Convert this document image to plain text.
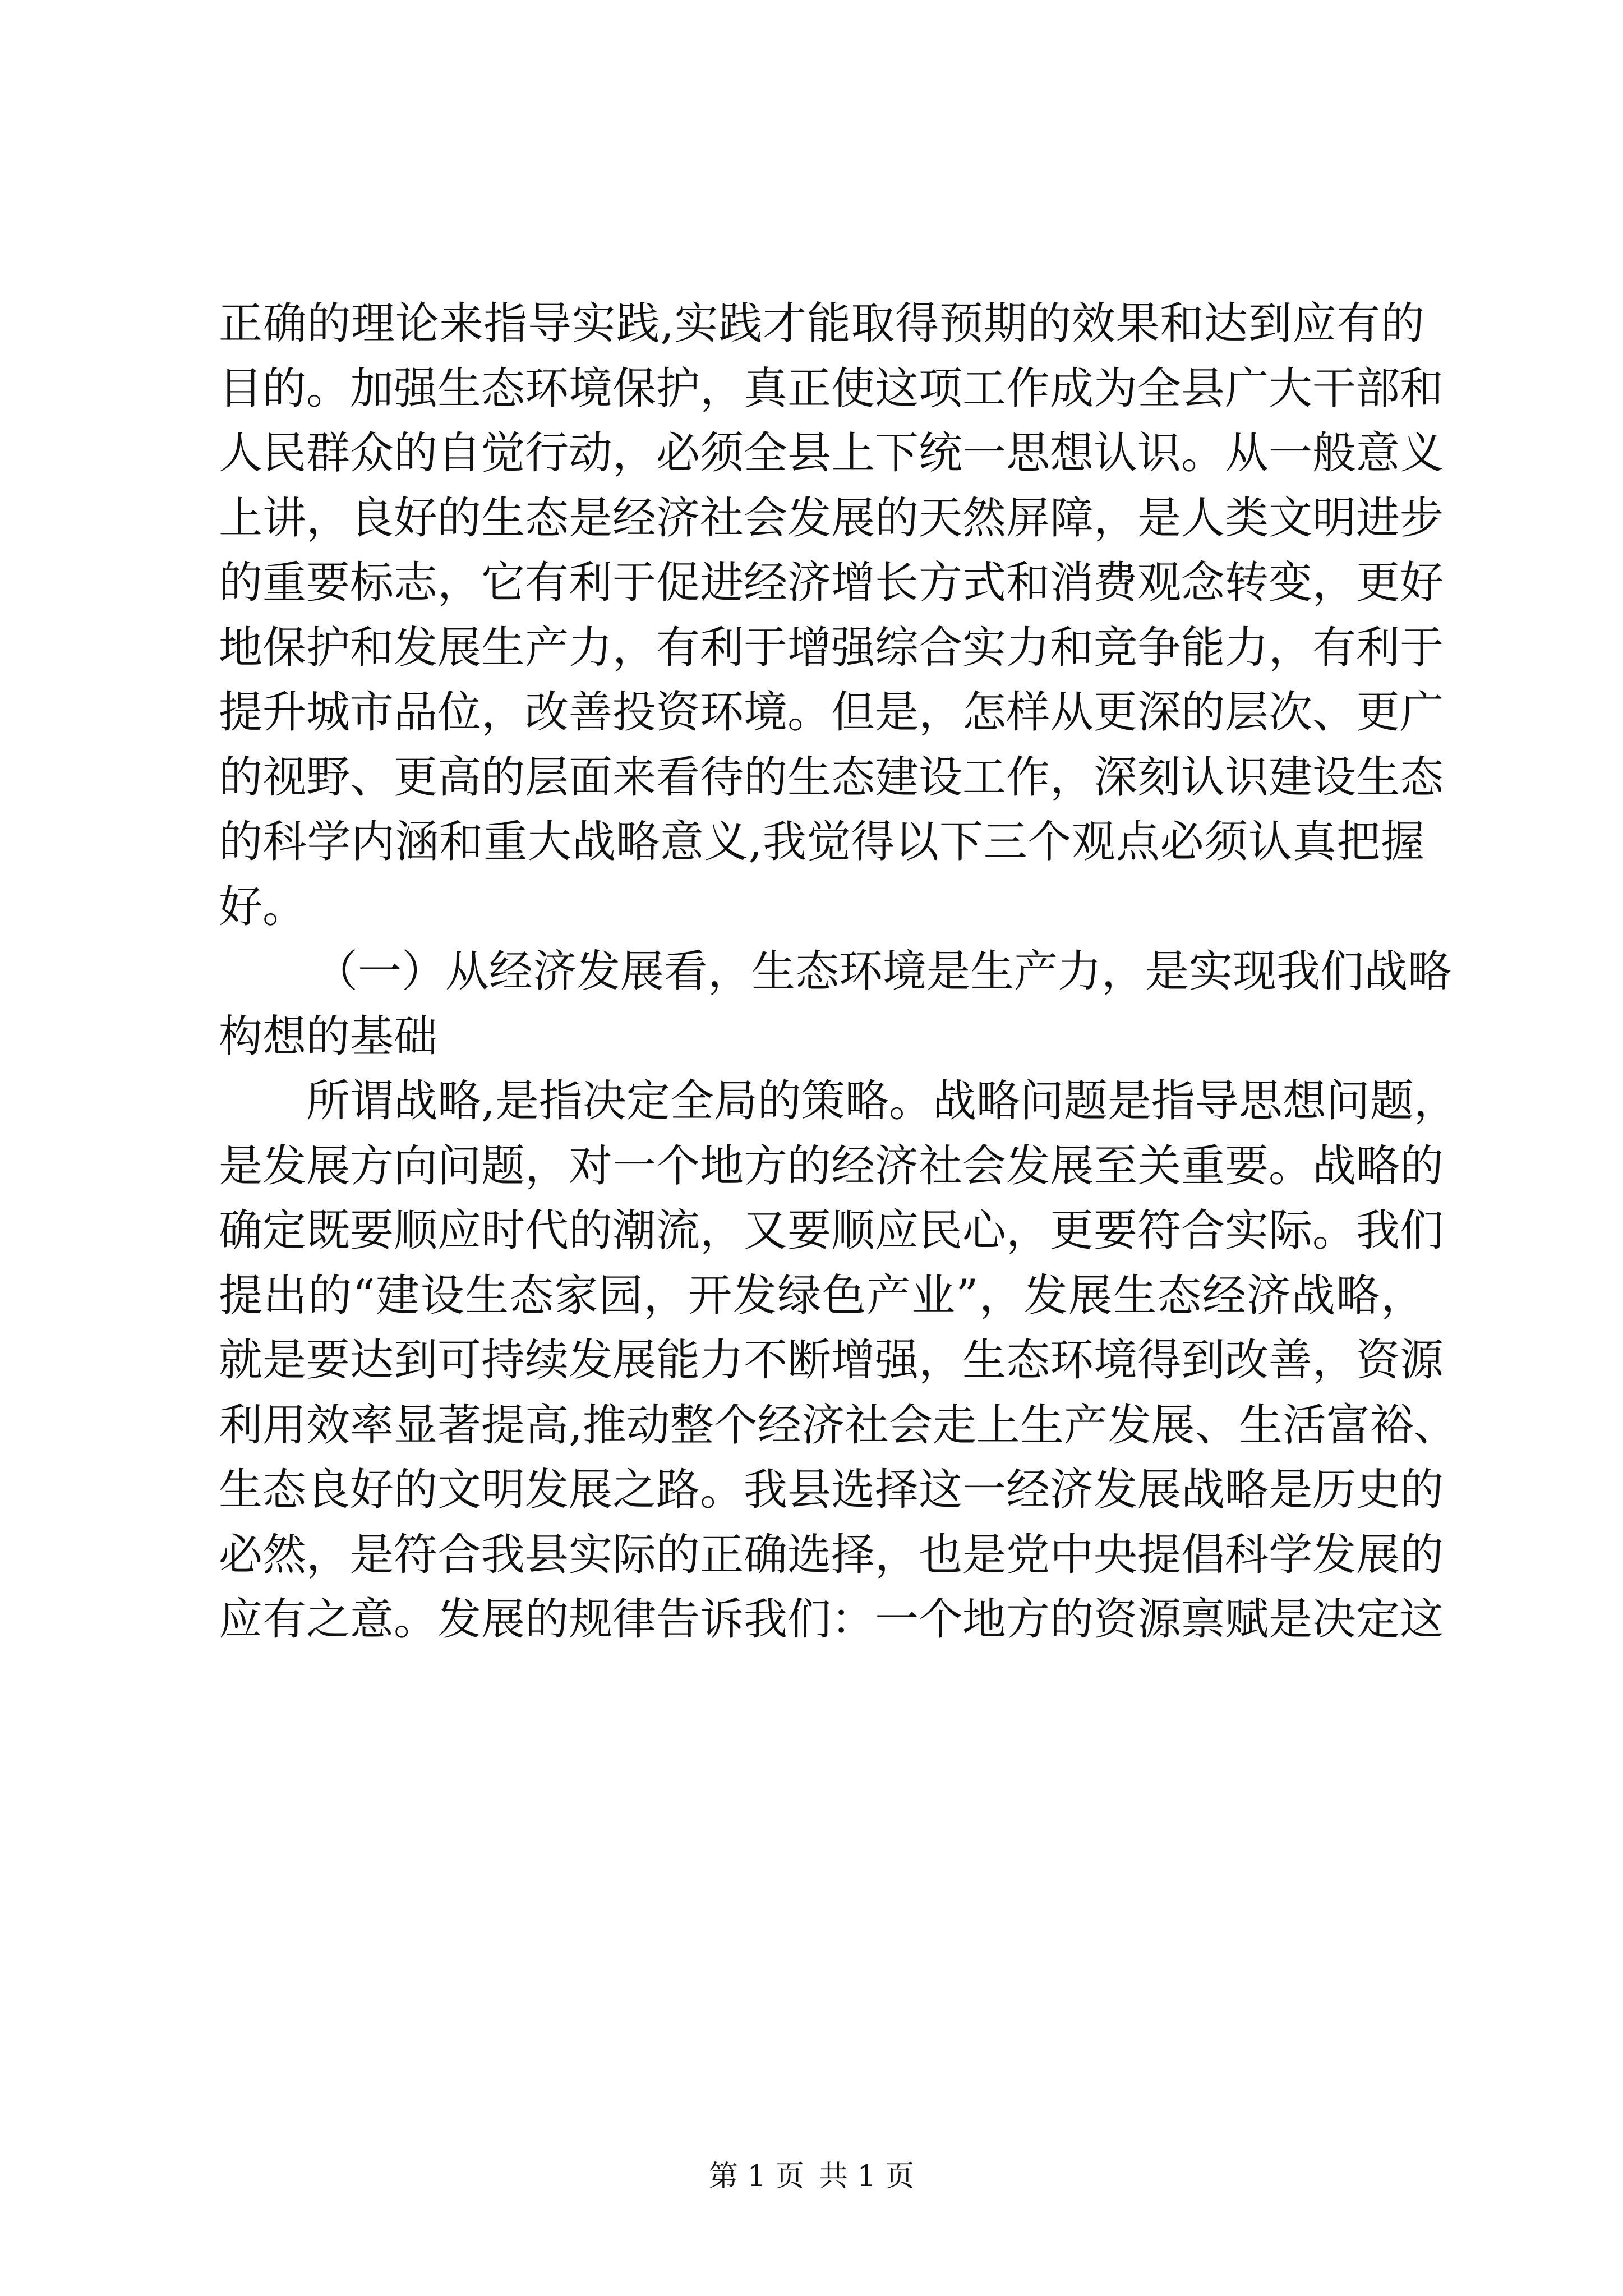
正确的理论来指导实践,实践才能取得预期的效果和达到应有的
目的。加强生态环境保护，真正使这项工作成为全县广大干部和
人民群众的自觉行动，必须全县上下统一思想认识。从一般意义
上讲，良好的生态是经济社会发展的天然屏障，是人类文明进步
的重要标志，它有利于促进经济增长方式和消费观念转变，更好
地保护和发展生产力，有利于增强综合实力和竞争能力，有利于
提升城市品位，改善投资环境。但是，怎样从更深的层次、更广
的视野、更高的层面来看待的生态建设工作，深刻认识建设生态
的科学内涵和重大战略意义,我觉得以下三个观点必须认真把握
好。
（一）从经济发展看，生态环境是生产力，是实现我们战略
构想的基础
所谓战略,是指决定全局的策略。战略问题是指导思想问题，
是发展方向问题，对一个地方的经济社会发展至关重要。战略的
确定既要顺应时代的潮流，又要顺应民心，更要符合实际。我们
提出的“建设生态家园，开发绿色产业”，发展生态经济战略，
就是要达到可持续发展能力不断增强，生态环境得到改善，资源
利用效率显著提高,推动整个经济社会走上生产发展、生活富裕、
生态良好的文明发展之路。我县选择这一经济发展战略是历史的
必然，是符合我县实际的正确选择，也是党中央提倡科学发展的
应有之意。发展的规律告诉我们：一个地方的资源禀赋是决定这
第 1 页 共 1 页
